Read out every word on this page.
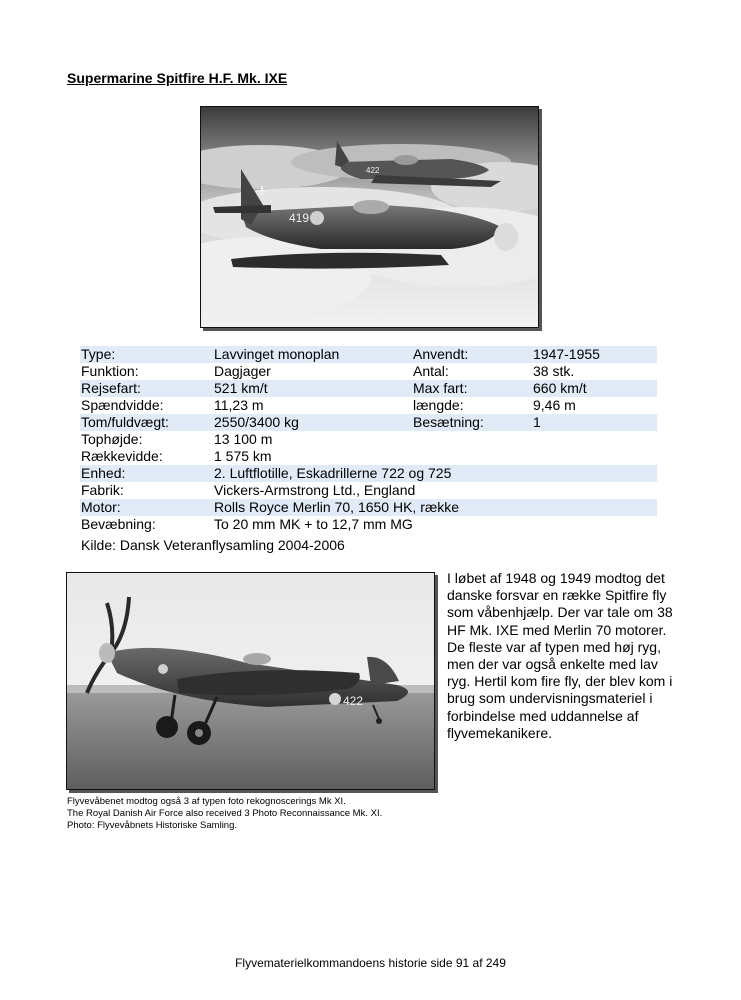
Supermarine Spitfire H.F. Mk. IXE
422
419
Type:	Lavvinget monoplan	Anvendt:	1947-1955
Funktion:	Dagjager	Antal:	38 stk.
Rejsefart:	521 km/t	Max fart:	660 km/t
Spændvidde:	11,23 m	længde:	9,46 m
Tom/fuldvægt:	2550/3400 kg	Besætning:	1
Tophøjde:	13 100 m		
Rækkevidde:	1 575 km		
Enhed:	2. Luftflotille, Eskadrillerne 722 og 725		
Fabrik:	Vickers-Armstrong Ltd., England		
Motor:	Rolls Royce Merlin 70, 1650 HK, række		
Bevæbning:	To 20 mm MK + to 12,7 mm MG		
Kilde: Dansk Veteranflysamling 2004-2006
422
I løbet af 1948 og 1949 modtog det danske forsvar en række Spitfire fly som våbenhjælp. Der var tale om 38 HF Mk. IXE med Merlin 70 motorer. De fleste var af typen med høj ryg, men der var også enkelte med lav ryg. Hertil kom fire fly, der blev kom i brug som undervisningsmateriel i forbindelse med uddannelse af flyvemekanikere.
Flyvevåbenet modtog også 3 af typen foto rekognoscerings Mk XI.
The Royal Danish Air Force also received 3 Photo Reconnaissance Mk. XI.
Photo: Flyvevåbnets Historiske Samling.
Flyvematerielkommandoens historie side 91 af 249
